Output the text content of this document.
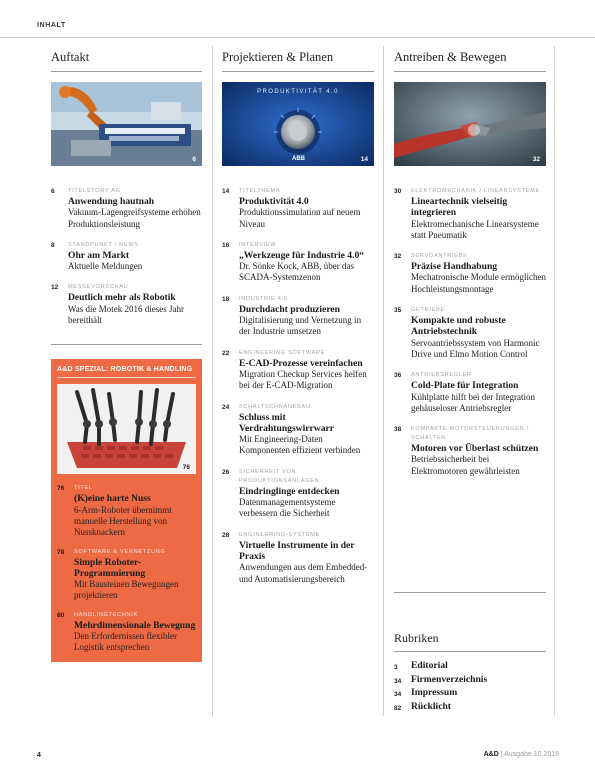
INHALT
Auftakt
6
6	TITELSTORY AG
Anwendung hautnah
Vakuum-Lagengreifsysteme erhöhen Produktionsleistung
8	STANDPUNKT / NEWS
Ohr am Markt
Aktuelle Meldungen
12	MESSEVORSCHAU
Deutlich mehr als Robotik
Was die Motek 2016 dieses Jahr bereithält
A&D SPEZIAL: ROBOTIK & HANDLING
76
76	TITEL
(K)eine harte Nuss
6-Arm-Roboter übernimmt manuelle Herstellung von Nussknackern
78	SOFTWARE & VERNETZUNG
Simple Roboter-Programmierung
Mit Bausteinen Bewegungen projektieren
80	HANDLINGTECHNIK
Mehrdimensionale Bewegung
Den Erfordernissen flexibler Logistik entsprechen
Projektieren & Planen
PRODUKTIVITÄT 4.0
ABB	14
14	TITELTHEMA
Produktivität 4.0
Produktionssimulation auf neuem Niveau
16	INTERVIEW
„Werkzeuge für Industrie 4.0“
Dr. Sönke Kock, ABB, über das SCADA-Systemzenon
18	INDUSTRIE 4.0
Durchdacht produzieren
Digitalisierung und Vernetzung in der Industrie umsetzen
22	ENGINEERING SOFTWARE
E-CAD-Prozesse vereinfachen
Migration Checkup Services helfen bei der E-CAD-Migration
24	SCHALTSCHRANKBAU
Schluss mit Verdrahtungswirrwarr
Mit Engineering-Daten Komponenten effizient verbinden
26	SICHERHEIT VON PRODUKTIONSANLAGEN
Eindringlinge entdecken
Datenmanagementsysteme verbessern die Sicherheit
28	ENGINEERING-SYSTEME
Virtuelle Instrumente in der Praxis
Anwendungen aus dem Embedded- und Automatisierungsbereich
Antreiben & Bewegen
32
30	ELEKTROMECHANIK / LINEARSYSTEME
Lineartechnik vielseitig integrieren
Elektromechanische Linearsysteme statt Pneumatik
32	SERVOANTRIEBE
Präzise Handhabung
Mechatronische Module ermöglichen Hochleistungsmontage
35	GETRIEBE
Kompakte und robuste Antriebstechnik
Servoantriebssystem von Harmonic Drive und Elmo Motion Control
36	ANTRIEBSREGLER
Cold-Plate für Integration
Kühlplatte hilft bei der Integration gehäuseloser Antriebsregler
38	KOMPAKTE MOTORSTEUERUNGEN / SCHALTER
Motoren vor Überlast schützen
Betriebssicherheit bei Elektromotoren gewährleisten
Rubriken
3	Editorial
34	Firmenverzeichnis
34	Impressum
82	Rücklicht
4	A&D | Ausgabe 10.2016
